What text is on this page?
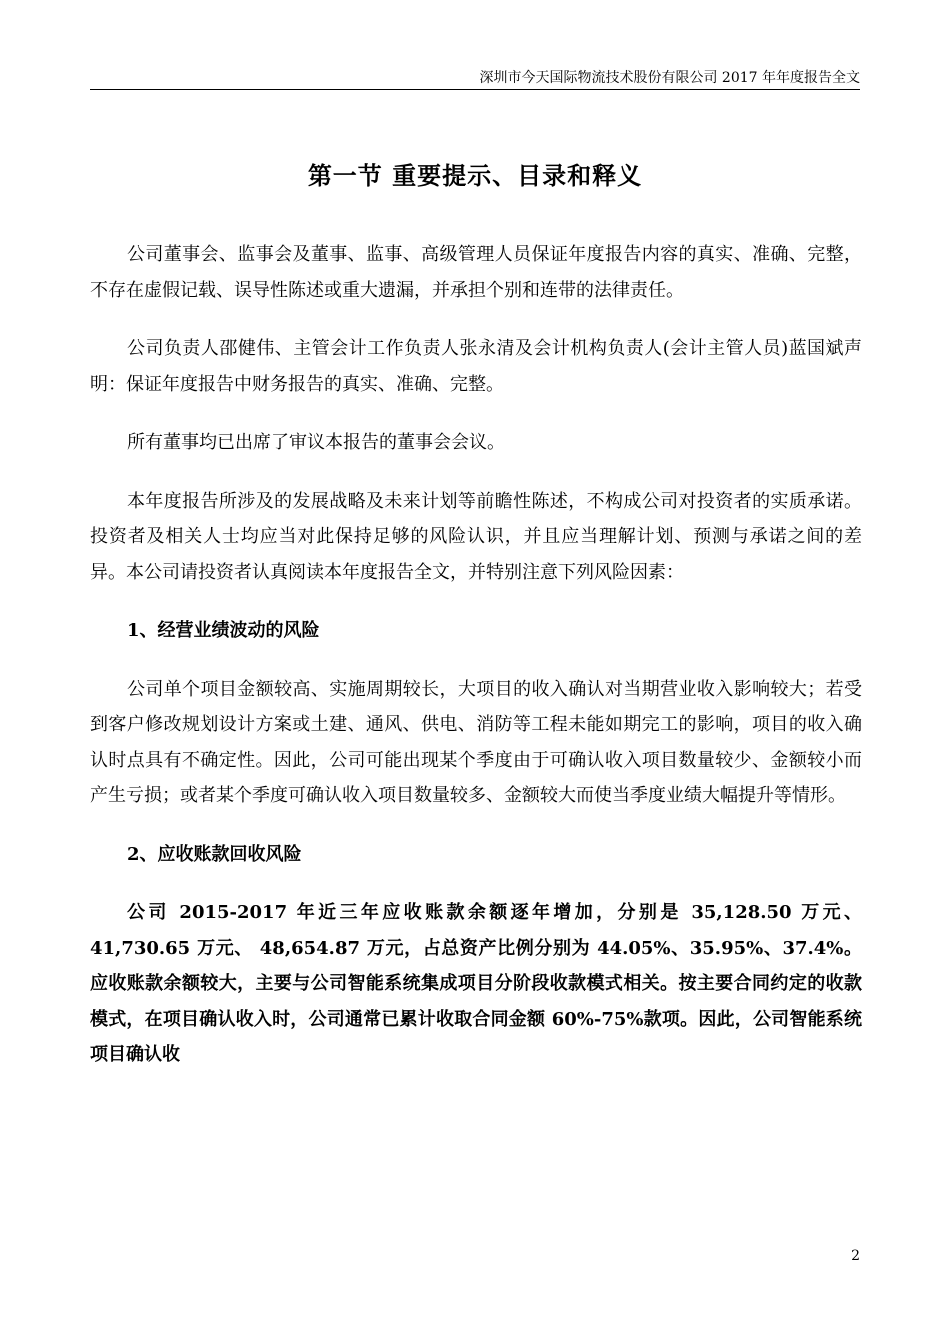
深圳市今天国际物流技术股份有限公司 2017 年年度报告全文
第一节 重要提示、目录和释义

公司董事会、监事会及董事、监事、高级管理人员保证年度报告内容的真实、准确、完整，不存在虚假记载、误导性陈述或重大遗漏，并承担个别和连带的法律责任。

公司负责人邵健伟、主管会计工作负责人张永清及会计机构负责人(会计主管人员)蓝国斌声明：保证年度报告中财务报告的真实、准确、完整。

所有董事均已出席了审议本报告的董事会会议。

本年度报告所涉及的发展战略及未来计划等前瞻性陈述，不构成公司对投资者的实质承诺。投资者及相关人士均应当对此保持足够的风险认识，并且应当理解计划、预测与承诺之间的差异。本公司请投资者认真阅读本年度报告全文，并特别注意下列风险因素：

1、经营业绩波动的风险

公司单个项目金额较高、实施周期较长，大项目的收入确认对当期营业收入影响较大；若受到客户修改规划设计方案或土建、通风、供电、消防等工程未能如期完工的影响，项目的收入确认时点具有不确定性。因此，公司可能出现某个季度由于可确认收入项目数量较少、金额较小而产生亏损；或者某个季度可确认收入项目数量较多、金额较大而使当季度业绩大幅提升等情形。

2、应收账款回收风险

公司 2015-2017 年近三年应收账款余额逐年增加，分别是 35,128.50 万元、41,730.65 万元、 48,654.87 万元，占总资产比例分别为 44.05%、35.95%、37.4%。应收账款余额较大，主要与公司智能系统集成项目分阶段收款模式相关。按主要合同约定的收款模式，在项目确认收入时，公司通常已累计收取合同金额 60%-75%款项。因此，公司智能系统项目确认收

2
